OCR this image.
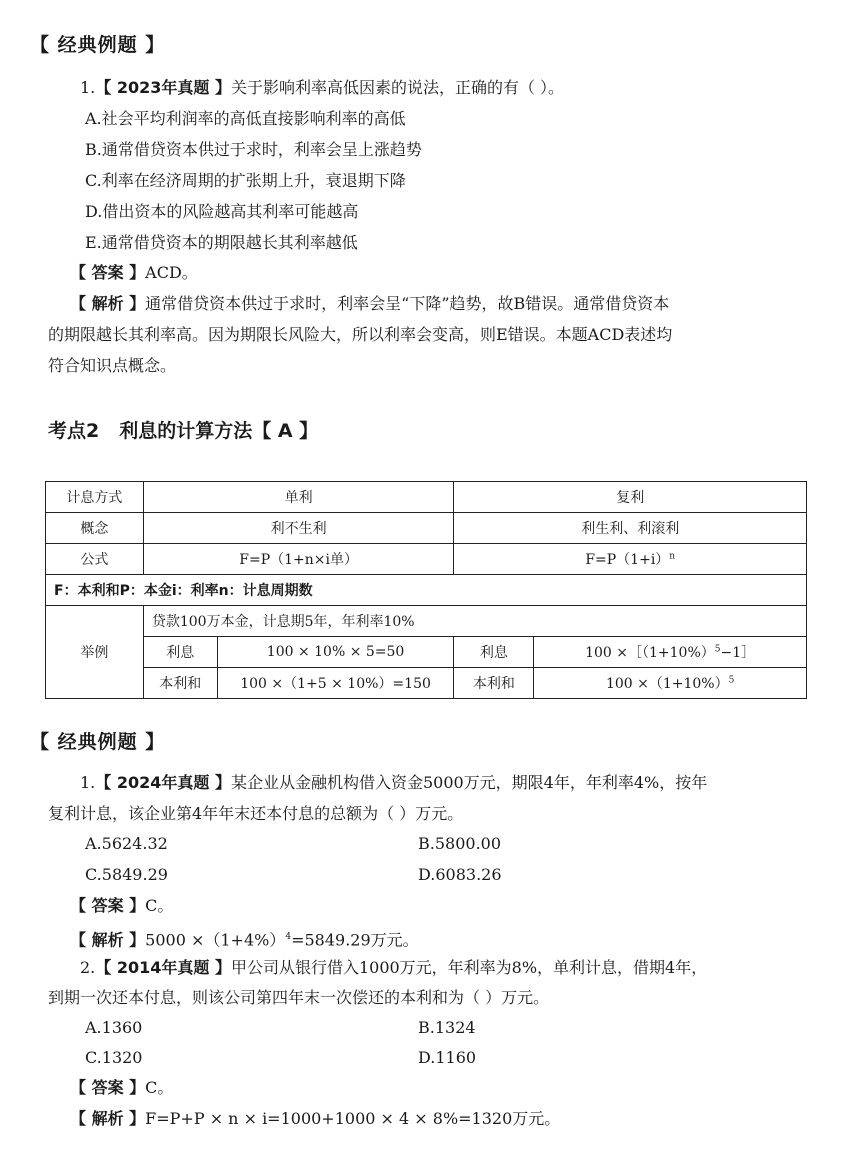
【 经典例题 】
1.【 2023年真题 】关于影响利率高低因素的说法，正确的有（ ）。
A.社会平均利润率的高低直接影响利率的高低
B.通常借贷资本供过于求时，利率会呈上涨趋势
C.利率在经济周期的扩张期上升，衰退期下降
D.借出资本的风险越高其利率可能越高
E.通常借贷资本的期限越长其利率越低
【 答案 】ACD。
【 解析 】通常借贷资本供过于求时，利率会呈“下降”趋势，故B错误。通常借贷资本
的期限越长其利率高。因为期限长风险大，所以利率会变高，则E错误。本题ACD表述均
符合知识点概念。
考点2 利息的计算方法【 A 】
计息方式	单利		复利	
概念	利不生利		利生利、利滚利	
公式	F=P（1+n×i单）		$F=P(1+i)^n$
F：本利和P：本金i：利率n：计息周期数				
举例	贷款100万本金，计息期5年，年利率10%			
	利息	100 × 10% × 5=50	利息	$100 \times[(1+10\%)^5-1]$
	本利和	100 ×（1+5 × 10%）=150	本利和	$100 \times(1+10\%)^5$
【 经典例题 】
1.【 2024年真题 】某企业从金融机构借入资金5000万元，期限4年，年利率4%，按年
复利计息，该企业第4年年末还本付息的总额为（ ）万元。
A.5624.32	B.5800.00
C.5849.29	D.6083.26
【 答案 】C。
【 解析 】$5000 \times(1+4\%)^4=5849.29$万元。
2.【 2014年真题 】甲公司从银行借入1000万元，年利率为8%，单利计息，借期4年，
到期一次还本付息，则该公司第四年末一次偿还的本利和为（ ）万元。
A.1360	B.1324
C.1320	D.1160
【 答案 】C。
【 解析 】F=P+P × n × i=1000+1000 × 4 × 8%=1320万元。
